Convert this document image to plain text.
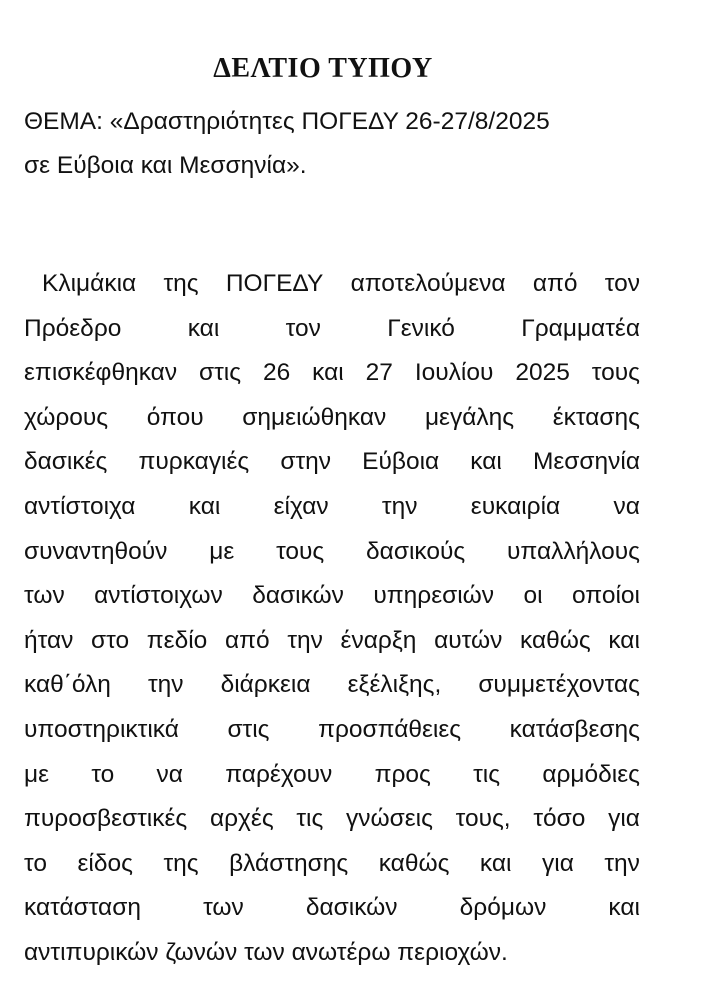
ΔΕΛΤΙΟ ΤΥΠΟΥ
ΘΕΜΑ: «Δραστηριότητες ΠΟΓΕΔΥ 26-27/8/2025
σε Εύβοια και Μεσσηνία».
Κλιμάκια της ΠΟΓΕΔΥ αποτελούμενα από τον
Πρόεδρο	και	τον	Γενικό	Γραμματέα
επισκέφθηκαν στις 26 και 27 Ιουλίου 2025 τους
χώρους όπου σημειώθηκαν μεγάλης έκτασης
δασικές πυρκαγιές στην Εύβοια και Μεσσηνία
αντίστοιχα και είχαν την ευκαιρία να
συναντηθούν με τους δασικούς υπαλλήλους
των αντίστοιχων δασικών υπηρεσιών οι οποίοι
ήταν στο πεδίο από την έναρξη αυτών καθώς και
καθ΄όλη την διάρκεια εξέλιξης, συμμετέχοντας
υποστηρικτικά στις προσπάθειες κατάσβεσης
με το να παρέχουν προς τις αρμόδιες
πυροσβεστικές αρχές τις γνώσεις τους, τόσο για
το είδος της βλάστησης καθώς και για την
κατάσταση	των	δασικών	δρόμων	και
αντιπυρικών ζωνών των ανωτέρω περιοχών.
